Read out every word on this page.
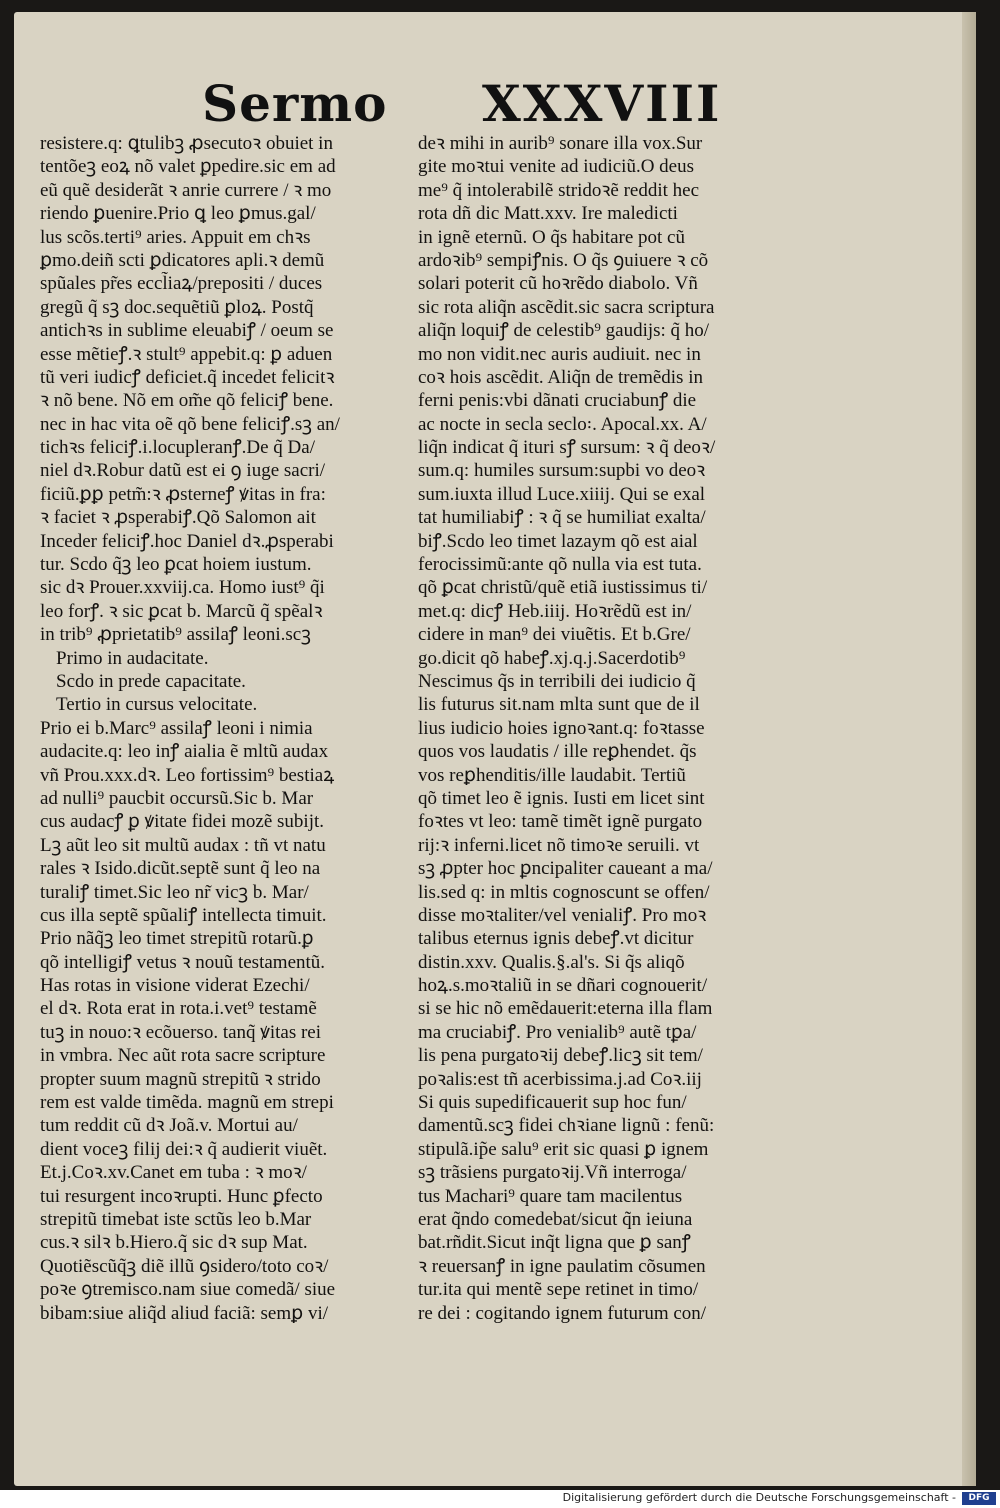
Sermo XXXVIII
resistere.q: ꝗtulibꝫ ꝓsecutoꝛ obuiet in
tentõeꝫ eoꝝ nõ valet ꝑpedire.sic em ad
eũ quẽ desiderãt ꝛ anrie currere / ꝛ mo
riendo ꝑuenire.Prio ꝗ leo ꝑmus.gal/
lus scõs.terti⁹ aries. Appuit em chꝛs
ꝑmo.deiñ scti ꝑdicatores apli.ꝛ demũ
spũales pr̃es eccl̃iaꝝ/prepositi / duces
gregũ q̃ sꝫ doc.sequẽtiũ ꝑloꝝ. Postq̃
antichꝛs in sublime eleuabiꝭ / oeum se
esse mẽtieꝭ.ꝛ stult⁹ appebit.q: ꝑ aduen
tũ veri iudicꝭ deficiet.q̃ incedet felicitꝛ
ꝛ nõ bene. Nõ em om̃e qõ feliciꝭ bene.
nec in hac vita oẽ qõ bene feliciꝭ.sꝫ an/
tichꝛs feliciꝭ.i.locupleranꝭ.De q̃ Da/
niel dꝛ.Robur datũ est ei ꝯ iuge sacri/
ficiũ.ꝑꝑ petm̃:ꝛ ꝓsterneꝭ ꝟitas in fra:
ꝛ faciet ꝛ ꝓsperabiꝭ.Qõ Salomon ait
Inceder feliciꝭ.hoc Daniel dꝛ.ꝓsperabi
tur. Scdo q̃ꝫ leo ꝑcat hoiem iustum.
sic dꝛ Prouer.xxviij.ca. Homo iust⁹ q̃i
leo forꝭ. ꝛ sic ꝑcat b. Marcũ q̃ spẽalꝛ
in trib⁹ ꝓprietatib⁹ assilaꝭ leoni.scꝫ
Primo in audacitate.
Scdo in prede capacitate.
Tertio in cursus velocitate.
Prio ei b.Marc⁹ assilaꝭ leoni i nimia
audacite.q: leo inꝭ aialia ẽ mltũ audax
vñ Prou.xxx.dꝛ. Leo fortissim⁹ bestiaꝝ
ad nulli⁹ paucbit occursũ.Sic b. Mar
cus audacꝭ ꝑ ꝟitate fidei mozẽ subijt.
Lꝫ aũt leo sit multũ audax : tñ vt natu
rales ꝛ Isido.dicũt.septẽ sunt q̃ leo na
turaliꝭ timet.Sic leo nr̃ vicꝫ b. Mar/
cus illa septẽ spũaliꝭ intellecta timuit.
Prio nãq̃ꝫ leo timet strepitũ rotarũ.ꝑ
qõ intelligiꝭ vetus ꝛ nouũ testamentũ.
Has rotas in visione viderat Ezechi/
el dꝛ. Rota erat in rota.i.vet⁹ testamẽ
tuꝫ in nouo:ꝛ ecõuerso. tanq̃ ꝟitas rei
in vmbra. Nec aũt rota sacre scripture
propter suum magnũ strepitũ ꝛ strido
rem est valde timẽda. magnũ em strepi
tum reddit cũ dꝛ Joã.v. Mortui au/
dient voceꝫ filij dei:ꝛ q̃ audierit viuẽt.
Et.j.Coꝛ.xv.Canet em tuba : ꝛ moꝛ/
tui resurgent incoꝛrupti. Hunc ꝑfecto
strepitũ timebat iste sctũs leo b.Mar
cus.ꝛ silꝛ b.Hiero.q̃ sic dꝛ sup Mat.
Quotiẽscũq̃ꝫ diẽ illũ ꝯsidero/toto coꝛ/
poꝛe ꝯtremisco.nam siue comedã/ siue
bibam:siue aliq̃d aliud faciã: semꝑ vi/
deꝛ mihi in aurib⁹ sonare illa vox.Sur
gite moꝛtui venite ad iudiciũ.O deus
me⁹ q̃ intolerabilẽ stridoꝛẽ reddit hec
rota dñ dic Matt.xxv. Ire maledicti
in ignẽ eternũ. O q̃s habitare pot cũ
ardoꝛib⁹ sempiꝭnis. O q̃s ꝯuiuere ꝛ cõ
solari poterit cũ hoꝛrẽdo diabolo. Vñ
sic rota aliq̃n ascẽdit.sic sacra scriptura
aliq̃n loquiꝭ de celestib⁹ gaudijs: q̃ ho/
mo non vidit.nec auris audiuit. nec in
coꝛ hois ascẽdit. Aliq̃n de tremẽdis in
ferni penis:vbi dãnati cruciabunꝭ die
ac nocte in secla seclo꞉. Apocal.xx. A/
liq̃n indicat q̃ ituri sꝭ sursum: ꝛ q̃ deoꝛ/
sum.q: humiles sursum:supbi vo deoꝛ
sum.iuxta illud Luce.xiiij. Qui se exal
tat humiliabiꝭ : ꝛ q̃ se humiliat exalta/
biꝭ.Scdo leo timet lazaym qõ est aial
ferocissimũ:ante qõ nulla via est tuta.
qõ ꝑcat christũ/quẽ etiã iustissimus ti/
met.q: dicꝭ Heb.iiij. Hoꝛrẽdũ est in/
cidere in man⁹ dei viuẽtis. Et b.Gre/
go.dicit qõ habeꝭ.xj.q.j.Sacerdotib⁹
Nescimus q̃s in terribili dei iudicio q̃
lis futurus sit.nam mlta sunt que de il
lius iudicio hoies ignoꝛant.q: foꝛtasse
quos vos laudatis / ille reꝑhendet. q̃s
vos reꝑhenditis/ille laudabit. Tertiũ
qõ timet leo ẽ ignis. Iusti em licet sint
foꝛtes vt leo: tamẽ timẽt ignẽ purgato
rij:ꝛ inferni.licet nõ timoꝛe seruili. vt
sꝫ ꝓpter hoc ꝑncipaliter caueant a ma/
lis.sed q: in mltis cognoscunt se offen/
disse moꝛtaliter/vel venialiꝭ. Pro moꝛ
talibus eternus ignis debeꝭ.vt dicitur
distin.xxv. Qualis.§.al's. Si q̃s aliqõ
hoꝝ.s.moꝛtaliũ in se dñari cognouerit/
si se hic nõ emẽdauerit:eterna illa flam
ma cruciabiꝭ. Pro venialib⁹ autẽ tꝑa/
lis pena purgatoꝛij debeꝭ.licꝫ sit tem/
poꝛalis:est tñ acerbissima.j.ad Coꝛ.iij
Si quis supedificauerit sup hoc fun/
damentũ.scꝫ fidei chꝛiane lignũ : fenũ:
stipulã.ip̃e salu⁹ erit sic quasi ꝑ ignem
sꝫ trãsiens purgatoꝛij.Vñ interroga/
tus Machari⁹ quare tam macilentus
erat q̃ndo comedebat/sicut q̃n ieiuna
bat.rñdit.Sicut inq̃t ligna que ꝑ sanꝭ
ꝛ reuersanꝭ in igne paulatim cõsumen
tur.ita qui mentẽ sepe retinet in timo/
re dei : cogitando ignem futurum con/
Digitalisierung gefördert durch die Deutsche Forschungsgemeinschaft -	DFG
